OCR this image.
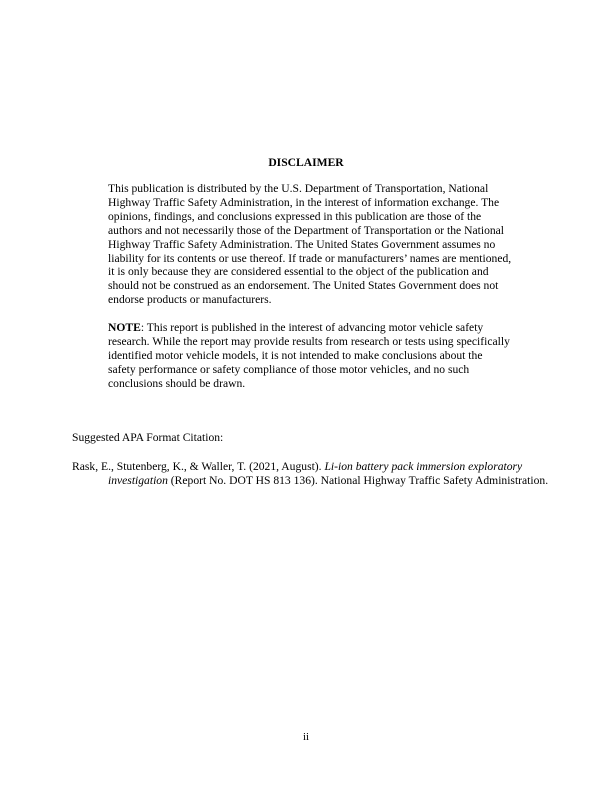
DISCLAIMER

This publication is distributed by the U.S. Department of Transportation, National Highway Traffic Safety Administration, in the interest of information exchange. The opinions, findings, and conclusions expressed in this publication are those of the authors and not necessarily those of the Department of Transportation or the National Highway Traffic Safety Administration. The United States Government assumes no liability for its contents or use thereof. If trade or manufacturers’ names are mentioned, it is only because they are considered essential to the object of the publication and should not be construed as an endorsement. The United States Government does not endorse products or manufacturers.

NOTE: This report is published in the interest of advancing motor vehicle safety research. While the report may provide results from research or tests using specifically identified motor vehicle models, it is not intended to make conclusions about the safety performance or safety compliance of those motor vehicles, and no such conclusions should be drawn.

Suggested APA Format Citation:
Rask, E., Stutenberg, K., & Waller, T. (2021, August). Li-ion battery pack immersion exploratory investigation (Report No. DOT HS 813 136). National Highway Traffic Safety Administration.
ii
